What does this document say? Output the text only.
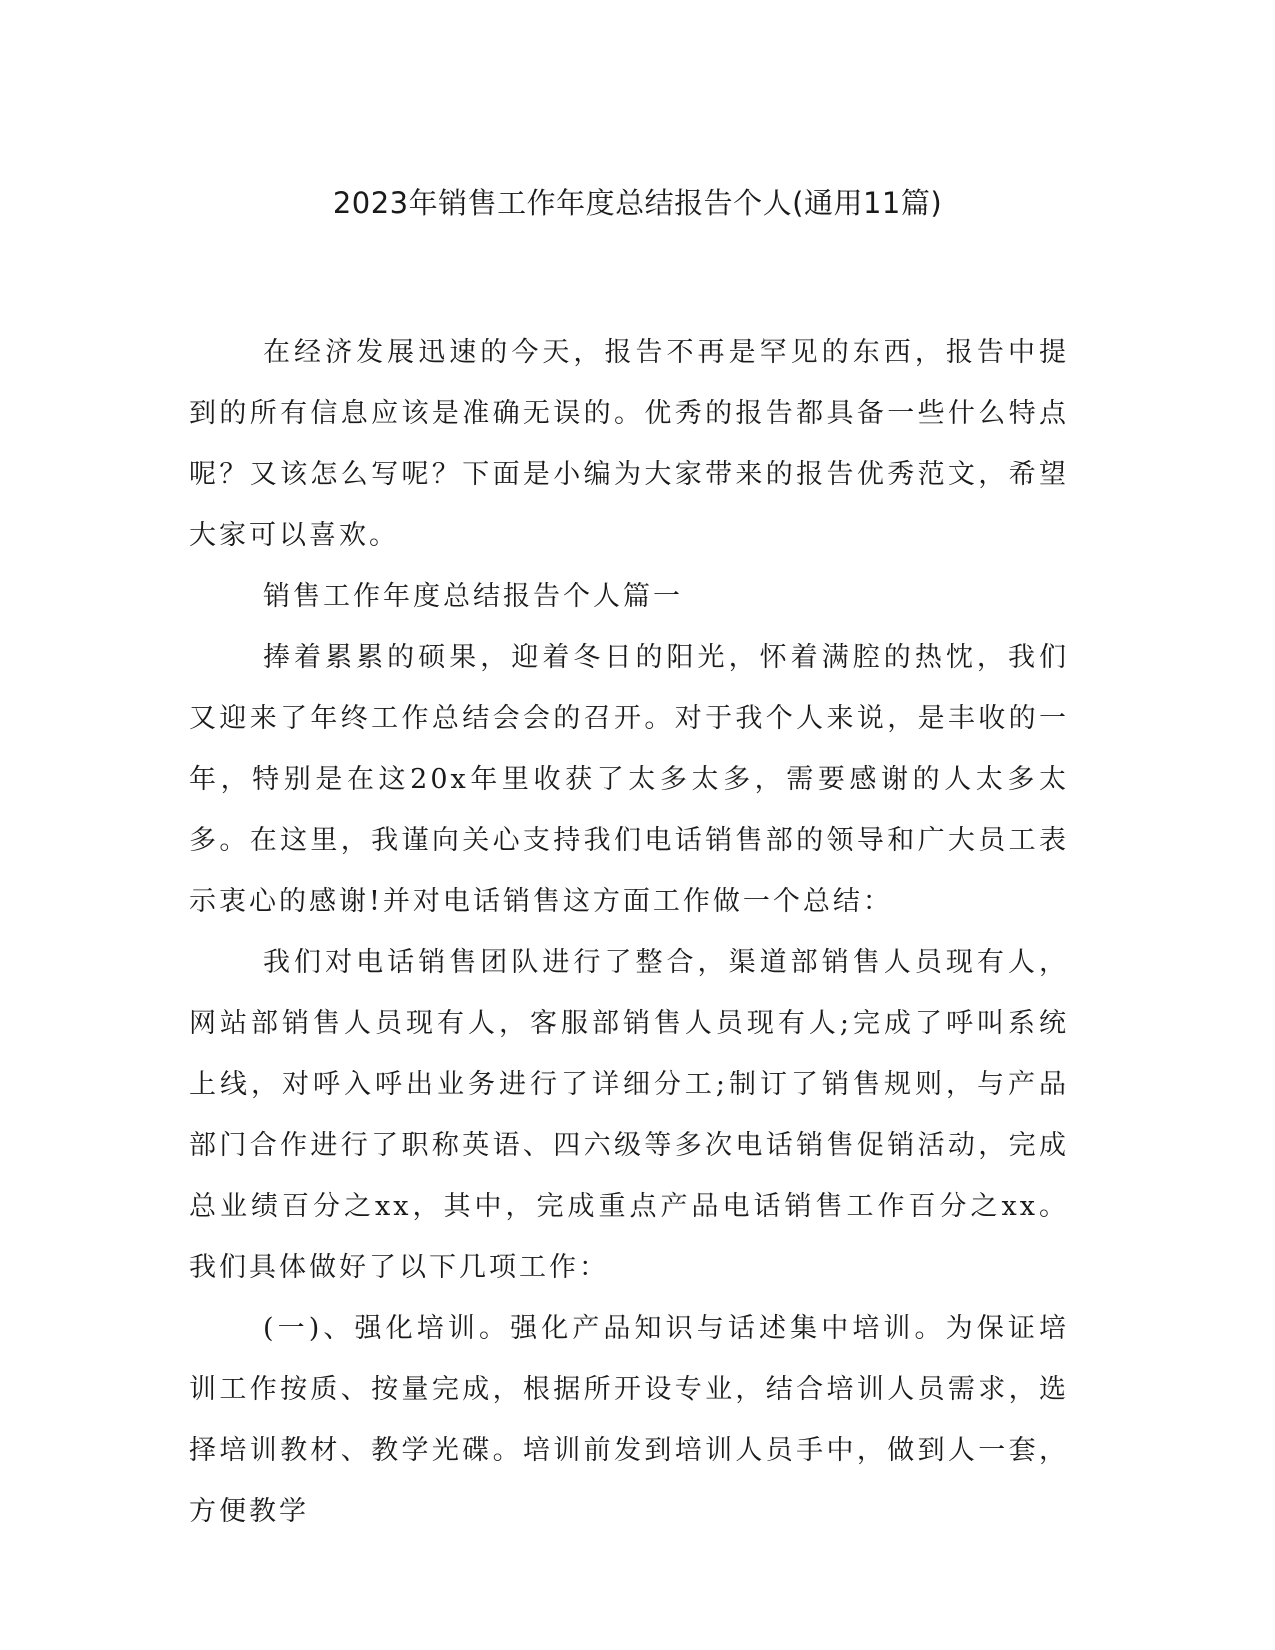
2023年销售工作年度总结报告个人(通用11篇)

在经济发展迅速的今天，报告不再是罕见的东西，报告中提到的所有信息应该是准确无误的。优秀的报告都具备一些什么特点呢？又该怎么写呢？下面是小编为大家带来的报告优秀范文，希望大家可以喜欢。

销售工作年度总结报告个人篇一

捧着累累的硕果，迎着冬日的阳光，怀着满腔的热忱，我们又迎来了年终工作总结会会的召开。对于我个人来说，是丰收的一年，特别是在这20x年里收获了太多太多，需要感谢的人太多太多。在这里，我谨向关心支持我们电话销售部的领导和广大员工表示衷心的感谢!并对电话销售这方面工作做一个总结：

我们对电话销售团队进行了整合，渠道部销售人员现有人，网站部销售人员现有人，客服部销售人员现有人;完成了呼叫系统上线，对呼入呼出业务进行了详细分工;制订了销售规则，与产品部门合作进行了职称英语、四六级等多次电话销售促销活动，完成总业绩百分之xx，其中，完成重点产品电话销售工作百分之xx。我们具体做好了以下几项工作：

(一)、强化培训。强化产品知识与话述集中培训。为保证培训工作按质、按量完成，根据所开设专业，结合培训人员需求，选择培训教材、教学光碟。培训前发到培训人员手中，做到人一套，方便教学
